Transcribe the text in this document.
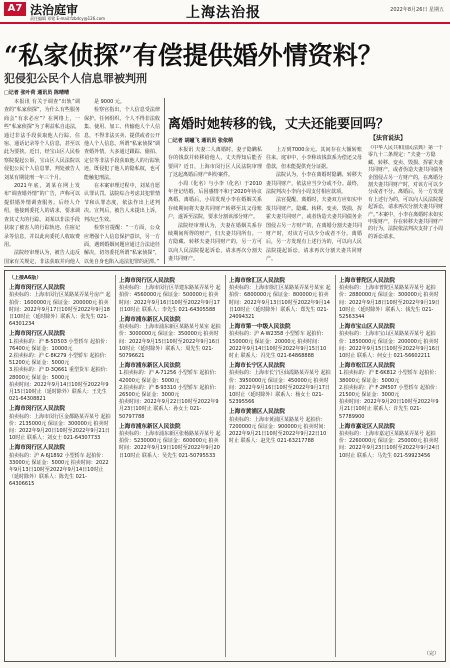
A7 法治庭审
责任编辑 邓铭 E-mail:fzbdcy@126.com	上海法治报	2022年8月26日 星期五
“私家侦探”有偿提供婚外情资料？
犯侵犯公民个人信息罪被判刑
□记者 张叶荷 通讯员 陈晴晴

本报讯 有关于调查“出轨”调查的“私家侦探”，为什么有些服务商会“有求必应”？在网络上，一些“私家侦探”为了利益私自违法，通过非法手段获取他人行踪、住宿、通话记录等个人信息，甚至以此为要挟。近日，经宝山区人民检察院提起公诉，宝山区人民法院以侵犯公民个人信息罪，判处被告人刘某有期徒刑一年三个月。

2021年底，刘某在网上发布“调查婚外情”的广告，声称可以提供婚外情调查服务。后经人介绍，他接到委托人的请求，要求调查其丈夫的行踪。刘某以非法手段获取了被害人的行踪轨迹、住宿记录等信息，并以此向委托人收取费用。

法院经审理认为，被告人违反国家有关规定，非法获取并向他人

是 9000 元。

检察官指出，个人信息受法律保护。任何组织、个人不得非法收集、使用、加工、传输他人个人信息，不得非法买卖、提供或者公开他人个人信息。所谓“私家侦探”调查婚外情，大多通过跟踪、偷拍、定位等非法手段获取他人的行踪轨迹，既侵犯了他人的隐私权，也可能触犯刑法。

在本案审理过程中，刘某自愿认罪认罚。法院综合考虑其犯罪情节和认罪态度，依法作出上述判决。宣判后，被告人未提出上诉，判决已生效。

检察官提醒：“一方面，公众应增强个人信息保护意识，另一方面，遇到婚姻问题应通过合法途径解决，切勿委托所谓“私家侦探”，以免自身也陷入违法犯罪的泥潭。”

离婚时她转移的钱，丈夫还能要回吗？
□记者 胡瞳飞 通讯员 张依萌

本报讯 夫妻二人离婚时，妻子隐瞒私存的钱款并转移给他人，丈夫得知后能否要回？近日，上海市闵行区人民法院审理了这起离婚后财产纠纷案件。

小周（化名）与小李（化名）于2010年登记结婚，后因感情不和于2020年协议离婚。离婚后，小周发现小李在婚姻关系存续期间将夫妻共同财产转移至其父母账户，遂诉至法院，要求分割该部分财产。

法院经审理认为，夫妻在婚姻关系存续期间所得的财产，归夫妻共同所有。一方隐藏、转移夫妻共同财产的，另一方可以向人民法院提起诉讼，请求再次分割夫妻共同财产。

上万到7000余元。其间存在大额转账往来。庭审中，小李称该钱款系为偿还父母借款，但未能提供充分证据。

法院认为，小李在离婚时隐瞒、转移夫妻共同财产，依法应当少分或不分。最终，法院判决小李向小周支付相应款项。

法官提醒，离婚时，夫妻双方应如实申报共同财产。隐藏、转移、变卖、毁损、挥霍夫妻共同财产，或者伪造夫妻共同债务企图侵占另一方财产的，在离婚分割夫妻共同财产时，对该方可以少分或者不分。离婚后，另一方发现有上述行为的，可以向人民法院提起诉讼，请求再次分割夫妻共同财产。

【法官说法】
《中华人民共和国民法典》第一千零九十二条规定：“夫妻一方隐藏、转移、变卖、毁损、挥霍夫妻共同财产，或者伪造夫妻共同债务企图侵占另一方财产的，在离婚分割夫妻共同财产时，对该方可以少分或者不分。离婚后，另一方发现有上述行为的，可以向人民法院提起诉讼，请求再次分割夫妻共同财产。”本案中，小李在离婚时未如实申报财产，存在转移夫妻共同财产的行为，法院依法判决支持了小周的诉讼请求。
（上接A6版）
上海市闵行区人民法院
拍卖标的：上海市闵行区某路某弄某号房产 起拍价：1600000元 保证金：200000元 拍卖时间：2022年9月17日10时至2022年9月18日10时止（延时除外）联系人：张先生 021-64301234
上海市闵行区人民法院
1.拍卖标的：沪 B·5D503 小型轿车 起拍价：76400元 保证金：10000元
2.拍卖标的：沪 C·8K279 小型轿车 起拍价：51200元 保证金：5000元
3.拍卖标的：沪 D·3Q661 重型货车 起拍价：28000元 保证金：5000元
拍卖时间：2022年9月14日10时至2022年9月15日10时止（延时除外）联系人：王先生 021-64308821
上海市闵行区人民法院
拍卖标的：上海市闵行区金都路某弄某号 起拍价：2135000元 保证金：300000元 拍卖时间：2022年9月20日10时至2022年9月21日10时止 联系人：刘女士 021-64307733
上海市闵行区人民法院
拍卖标的：沪 A·6J1892 小型轿车 起拍价：33000元 保证金：5000元 拍卖时间：2022年9月13日10时至2022年9月14日10时止（延时除外）联系人：陈先生 021-64306615
上海市闵行区人民法院
拍卖标的：上海市闵行区莘建东路某弄某号 起拍价：4560000元 保证金：500000元 拍卖时间：2022年9月16日10时至2022年9月17日10时止 联系人：李先生 021-64305588
上海市浦东新区人民法院
拍卖标的：上海市浦东新区某路某号某室 起拍价：3000000元 保证金：350000元 拍卖时间：2022年9月15日10时至2022年9月16日10时止（延时除外）联系人：周先生 021-50796621
上海市浦东新区人民法院
1.拍卖标的：沪 A·71256 小型轿车 起拍价：42000元 保证金：5000元
2.拍卖标的：沪 B·93310 小型轿车 起拍价：26500元 保证金：3000元
拍卖时间：2022年9月22日10时至2022年9月23日10时止 联系人：孙女士 021-50797788
上海市浦东新区人民法院
拍卖标的：上海市浦东新区张杨路某弄某号 起拍价：5230000元 保证金：600000元 拍卖时间：2022年9月19日10时至2022年9月20日10时止 联系人：吴先生 021-50795533
上海市徐汇区人民法院
拍卖标的：上海市徐汇区某路某弄某号某室 起拍价：6800000元 保证金：800000元 拍卖时间：2022年9月13日10时至2022年9月14日10时止（延时除外）联系人：郑先生 021-24094321
上海市第一中级人民法院
拍卖标的：沪 A·W2358 小型轿车 起拍价：150000元 保证金：20000元 拍卖时间：2022年9月14日10时至2022年9月15日10时止 联系人：冯先生 021-64868888
上海市长宁区人民法院
拍卖标的：上海市长宁区仙霞路某弄某号 起拍价：3950000元 保证金：450000元 拍卖时间：2022年9月16日10时至2022年9月17日10时止（延时除外）联系人：杨女士 021-52395566
上海市黄浦区人民法院
拍卖标的：上海市黄浦区某路某号 起拍价：7200000元 保证金：900000元 拍卖时间：2022年9月21日10时至2022年9月22日10时止 联系人：赵先生 021-63217788
上海市普陀区人民法院
拍卖标的：上海市普陀区某路某弄某号 起拍价：2880000元 保证金：300000元 拍卖时间：2022年9月18日10时至2022年9月19日10时止（延时除外）联系人：钱先生 021-52563344
上海市宝山区人民法院
拍卖标的：上海市宝山区某路某弄某号 起拍价：1850000元 保证金：200000元 拍卖时间：2022年9月15日10时至2022年9月16日10时止 联系人：何女士 021-56602211
上海市松江区人民法院
1.拍卖标的：沪 E·6K812 小型轿车 起拍价：38000元 保证金：5000元
2.拍卖标的：沪 F·2M507 小型轿车 起拍价：21500元 保证金：3000元
拍卖时间：2022年9月20日10时至2022年9月21日10时止 联系人：许先生 021-57789900
上海市嘉定区人民法院
拍卖标的：上海市嘉定区某路某弄某号 起拍价：2260000元 保证金：250000元 拍卖时间：2022年9月23日10时至2022年9月24日10时止 联系人：马先生 021-59923456
（完）
